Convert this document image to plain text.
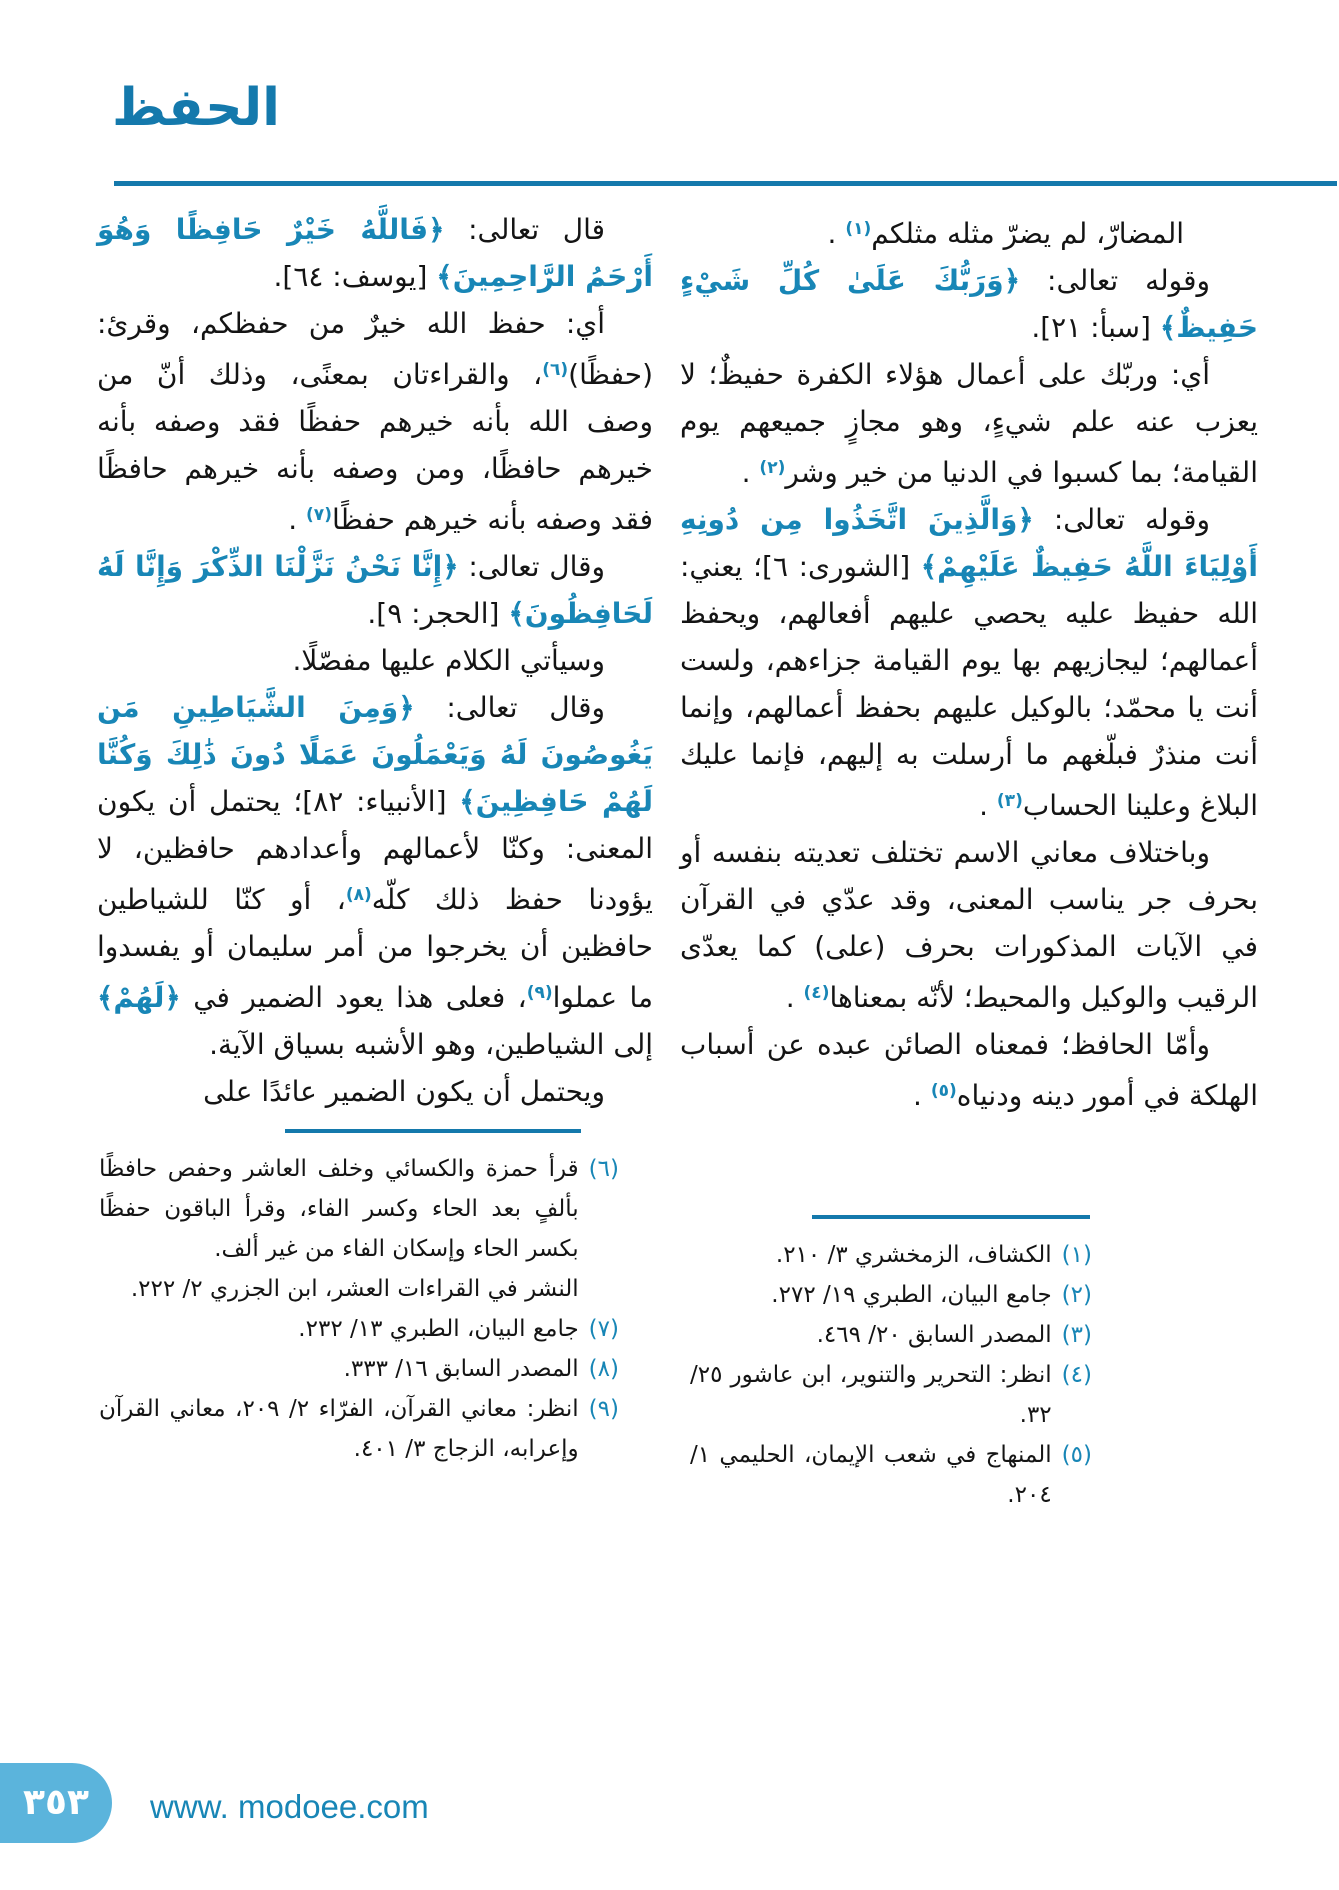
الحفظ

المضارّ، لم يضرّ مثله مثلكم$^{(١)}$ .

وقوله تعالى: ﴿وَرَبُّكَ عَلَىٰ كُلِّ شَيْءٍ حَفِيظٌ﴾ [سبأ: ٢١].

أي: وربّك على أعمال هؤلاء الكفرة حفيظٌ؛ لا يعزب عنه علم شيءٍ، وهو مجازٍ جميعهم يوم القيامة؛ بما كسبوا في الدنيا من خير وشر$^{(٢)}$ .

وقوله تعالى: ﴿وَالَّذِينَ اتَّخَذُوا مِن دُونِهِ أَوْلِيَاءَ اللَّهُ حَفِيظٌ عَلَيْهِمْ﴾ [الشورى: ٦]؛ يعني: الله حفيظ عليه يحصي عليهم أفعالهم، ويحفظ أعمالهم؛ ليجازيهم بها يوم القيامة جزاءهم، ولست أنت يا محمّد؛ بالوكيل عليهم بحفظ أعمالهم، وإنما أنت منذرٌ فبلّغهم ما أرسلت به إليهم، فإنما عليك البلاغ وعلينا الحساب$^{(٣)}$ .

وباختلاف معاني الاسم تختلف تعديته بنفسه أو بحرف جر يناسب المعنى، وقد عدّي في القرآن في الآيات المذكورات بحرف (على) كما يعدّى الرقيب والوكيل والمحيط؛ لأنّه بمعناها$^{(٤)}$ .

وأمّا الحافظ؛ فمعناه الصائن عبده عن أسباب الهلكة في أمور دينه ودنياه$^{(٥)}$ .

(١)
الكشاف، الزمخشري ٣/ ٢١٠.
(٢)
جامع البيان، الطبري ١٩/ ٢٧٢.
(٣)
المصدر السابق ٢٠/ ٤٦٩.
(٤)
انظر: التحرير والتنوير، ابن عاشور ٢٥/ ٣٢.
(٥)
المنهاج في شعب الإيمان، الحليمي ١/ ٢٠٤.

قال تعالى: ﴿فَاللَّهُ خَيْرٌ حَافِظًا وَهُوَ أَرْحَمُ الرَّاحِمِينَ﴾ [يوسف: ٦٤].

أي: حفظ الله خيرٌ من حفظكم، وقرئ: (حفظًا)$^{(٦)}$، والقراءتان بمعنًى، وذلك أنّ من وصف الله بأنه خيرهم حفظًا فقد وصفه بأنه خيرهم حافظًا، ومن وصفه بأنه خيرهم حافظًا فقد وصفه بأنه خيرهم حفظًا$^{(٧)}$ .

وقال تعالى: ﴿إِنَّا نَحْنُ نَزَّلْنَا الذِّكْرَ وَإِنَّا لَهُ لَحَافِظُونَ﴾ [الحجر: ٩].

وسيأتي الكلام عليها مفصّلًا.

وقال تعالى: ﴿وَمِنَ الشَّيَاطِينِ مَن يَغُوصُونَ لَهُ وَيَعْمَلُونَ عَمَلًا دُونَ ذَٰلِكَ وَكُنَّا لَهُمْ حَافِظِينَ﴾ [الأنبياء: ٨٢]؛ يحتمل أن يكون المعنى: وكنّا لأعمالهم وأعدادهم حافظين، لا يؤودنا حفظ ذلك كلّه$^{(٨)}$، أو كنّا للشياطين حافظين أن يخرجوا من أمر سليمان أو يفسدوا ما عملوا$^{(٩)}$، فعلى هذا يعود الضمير في ﴿لَهُمْ﴾ إلى الشياطين، وهو الأشبه بسياق الآية.

ويحتمل أن يكون الضمير عائدًا على

(٦)
قرأ حمزة والكسائي وخلف العاشر وحفص حافظًا بألفٍ بعد الحاء وكسر الفاء، وقرأ الباقون حفظًا بكسر الحاء وإسكان الفاء من غير ألف.
النشر في القراءات العشر، ابن الجزري ٢/ ٢٢٢.
(٧)
جامع البيان، الطبري ١٣/ ٢٣٢.
(٨)
المصدر السابق ١٦/ ٣٣٣.
(٩)
انظر: معاني القرآن، الفرّاء ٢/ ٢٠٩، معاني القرآن وإعرابه، الزجاج ٣/ ٤٠١.
٣٥٣	www. modoee.com
